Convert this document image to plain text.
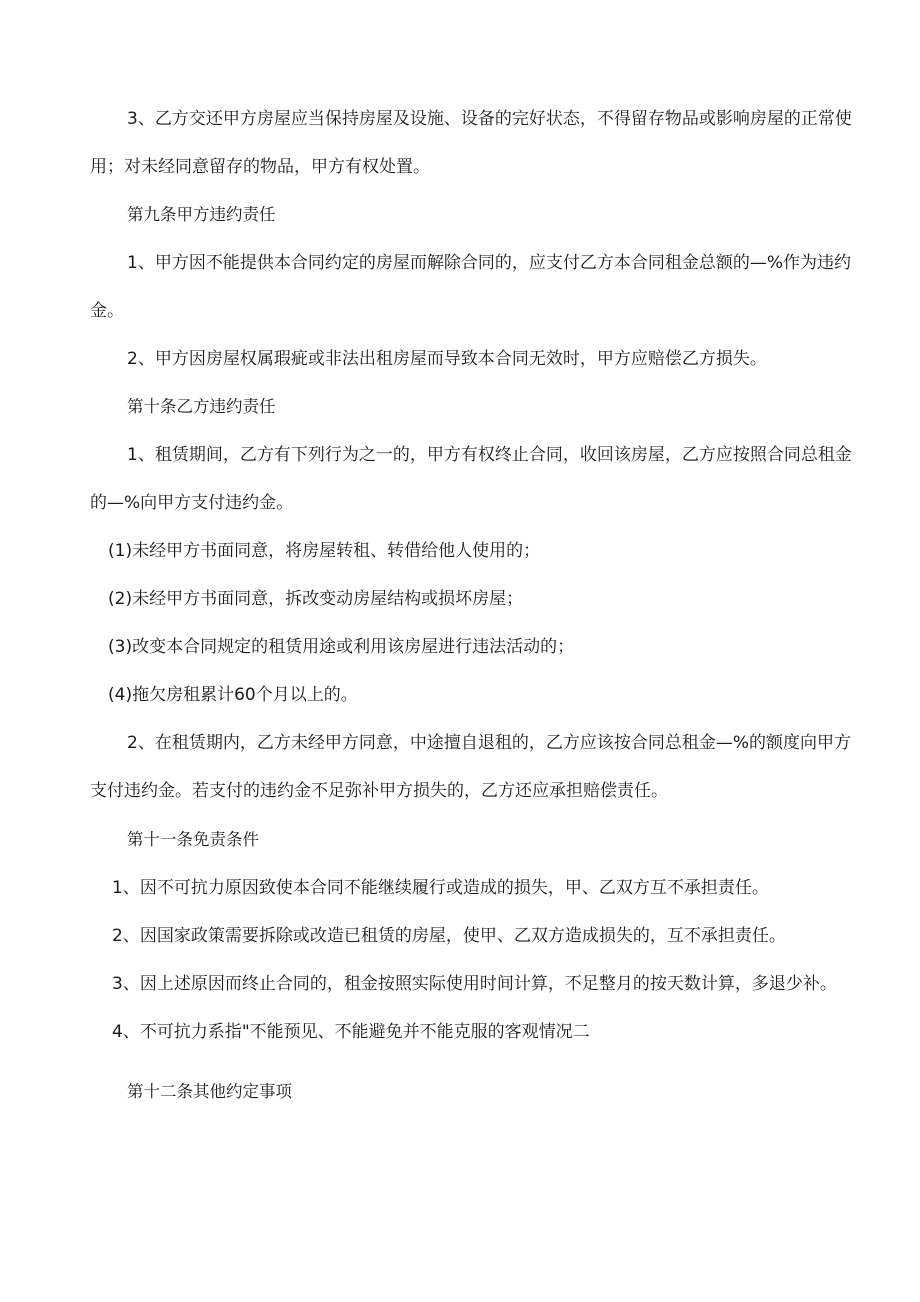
3、乙方交还甲方房屋应当保持房屋及设施、设备的完好状态，不得留存物品或影响房屋的正常使
用；对未经同意留存的物品，甲方有权处置。
第九条甲方违约责任
1、甲方因不能提供本合同约定的房屋而解除合同的，应支付乙方本合同租金总额的—%作为违约
金。
2、甲方因房屋权属瑕疵或非法出租房屋而导致本合同无效时，甲方应赔偿乙方损失。
第十条乙方违约责任
1、租赁期间，乙方有下列行为之一的，甲方有权终止合同，收回该房屋，乙方应按照合同总租金
的—%向甲方支付违约金。
(1)未经甲方书面同意，将房屋转租、转借给他人使用的；
(2)未经甲方书面同意，拆改变动房屋结构或损坏房屋；
(3)改变本合同规定的租赁用途或利用该房屋进行违法活动的；
(4)拖欠房租累计60个月以上的。
2、在租赁期内，乙方未经甲方同意，中途擅自退租的，乙方应该按合同总租金—%的额度向甲方
支付违约金。若支付的违约金不足弥补甲方损失的，乙方还应承担赔偿责任。
第十一条免责条件
1、因不可抗力原因致使本合同不能继续履行或造成的损失，甲、乙双方互不承担责任。
2、因国家政策需要拆除或改造已租赁的房屋，使甲、乙双方造成损失的，互不承担责任。
3、因上述原因而终止合同的，租金按照实际使用时间计算，不足整月的按天数计算，多退少补。
4、不可抗力系指"不能预见、不能避免并不能克服的客观情况二
第十二条其他约定事项
